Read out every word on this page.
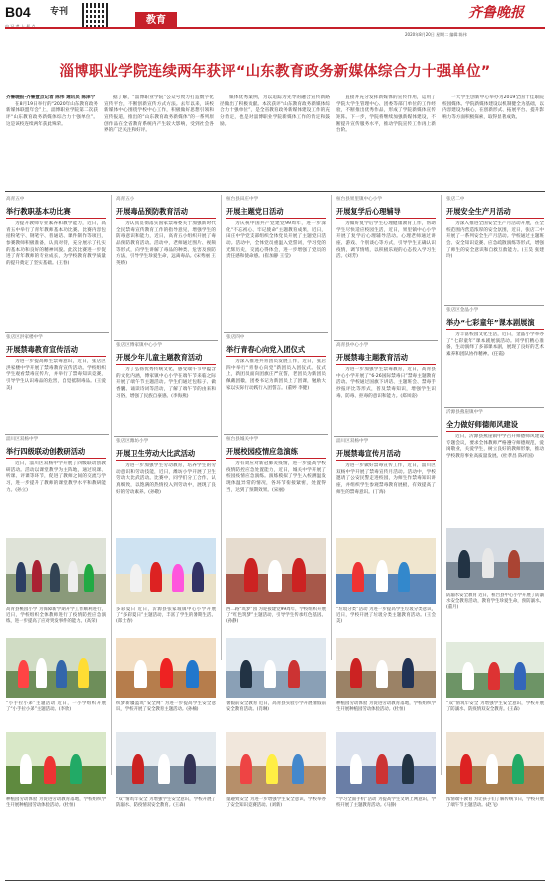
B04 专刊
教育	齐鲁晚报
2020年8月20日 星期二 编辑:陈伟
淄博职业学院连续两年获评“山东教育政务新媒体综合力十强单位”
齐鲁晚报·齐鲁壹点记者 陈伟 通讯员 陈泽宁

在8月19日举行的“2020年山东教育政务新媒体联盟年会”上，淄博职业学院第二次获评“山东教育政务新媒体综合力十强单位”。这是该校连续两年获此殊荣。

据了解，“淄博职业学院”公众号致力打造数字化宣传平台，不断创新宣传方式方法。去年以来，该校新媒体中心围绕学校中心工作，积极做好思想引领和宣传报道，推出的“山东教育政务新媒体”的一系列原创作品在全省教育系统内产生较大影响，受到社会各界的广泛关注和好评。

媒体优秀案例，为以追踪为先导的融合宣传新路径做出了积极贡献。本次获评“山东教育政务新媒体综合力十强单位”，是全省教育政务新媒体建设工作的充分肯定，也是对淄博职业学院新媒体工作的肯定和鼓励。

直接并充分发挥新媒体的宣传作用，运用了学院大学生管理中心、团委等部门单位的工作经验，不断推出优秀作品，形成了学院新媒体宣传矩阵。下一步，学院将继续加强新媒体建设，不断提升宣传服务水平，推动学院宣传工作再上新台阶。

一大学生创新中心举办为2019全国十佳职院校园媒体。学院新媒体建设以机制健全为基础，以内容建设为核心，在创新形式、拓展平台、提升影响力等方面积极探索，取得显著成效。

高青五中
举行教职基本功比赛

为提升教师专业素养和教学能力，近日，高青五中举行了青年教师基本功比赛。比赛内容包括粉笔字、钢笔字、普通话、课件制作等项目，参赛教师积极准备，认真对待，充分展示了扎实的基本功和良好的精神风貌。此次比赛进一步促进了青年教师的专业成长，为学校教育教学质量的提升奠定了坚实基础。(王春)

高青五小
开展毒品预防教育活动

为认真贯彻落实国家禁毒委关于加强新时代全民禁毒宣传教育工作的指导意见，增强学生的防毒意识和能力，近日，高青五小组织开展了毒品预防教育活动。活动中，老师通过图片、视频等形式，向学生讲解了毒品的种类、危害及预防方法，引导学生珍爱生命，远离毒品。(宋秀丽 王英娇)

桓台县田庄中学
开展主题党日活动

为庆祝中国共产党建党99周年，进一步深化“不忘初心、牢记使命”主题教育成果，近日，田庄中学党支部组织全体党员开展了主题党日活动。活动中，全体党员重温入党誓词，学习党的光辉历史，交流心得体会，进一步增强了党员的责任感和使命感。(崔加静 王莹)

桓台县果里镇中心小学
开展复学后心理辅导

为做好复学后学生心理健康教育工作，帮助学生尽快适应校园生活，近日，果里镇中心小学开展了复学后心理辅导活动。心理老师通过讲座、游戏、个别谈心等方式，引导学生正确认识疫情，调节情绪，以积极乐观的心态投入学习生活。(刘芳)

张店二中
开展安全生产月活动

为深入推进全国安全生产月活动开展，在全校范围内营造浓厚的安全氛围，近日，张店二中开展了一系列安全生产月活动。学校通过主题班会、安全知识竞赛、应急疏散演练等形式，增强了师生的安全意识和自救互救能力。(王昊 张建玲)

张店区洪家楼中学
开展禁毒教育宣传活动

为进一步提高师生禁毒意识，近日，张店区洪家楼中学开展了禁毒教育宣传活动。学校组织学生观看禁毒宣传片，并举行了禁毒知识竞赛，引导学生认识毒品的危害，自觉抵制毒品。(王爱美)

张店区傅家镇中心小学
开展少年儿童主题教育活动

为了弘扬优秀传统文化，感受端午节中蕴含的文化内涵，傅家镇中心小学在端午节来临之际开展了端午节主题活动。学生们通过包粽子、做香囊、诵读诗词等活动，了解了端午节的由来和习俗，增强了民族自豪感。(李海燕)

张店四中
举行青春心向党入团仪式

为深入推进共青团员发展工作，近日，张店四中举行“青春心向党”新团员入团仪式。仪式上，新团员面向团旗庄严宣誓，老团员为新团员佩戴团徽，团委书记为新团员上了团课，勉励大家以实际行动践行入团誓言。(董婷 李健)

高青县中心小学
开展禁毒主题教育活动

为进一步加强学生禁毒教育，近日，高青县中心小学开展了“6·26国际禁毒日”禁毒主题教育活动。学校通过国旗下讲话、主题班会、禁毒手抄报评比等形式，普及禁毒知识，增强学生识毒、防毒、拒毒的意识和能力。(郑凤姿)

张店区金晶小学
举办“七彩童年”课本剧展演

为丰富校园文化生活，近日，金晶小学举办了“七彩童年”课本剧展演活动。同学们精心准备，生动演绎了多部课本剧，展现了良好的艺术素养和团队协作精神。(任霞)

沂源县燕崖镇中学
全力做好师德师风建设

近日，沂源县燕崖镇中学召开师德师风建设专题会议，要求全体教师严格遵守师德规范，爱岗敬业，关爱学生，树立良好的教师形象，推动学校教育事业高质量发展。(杜孝昌 陈祥国)

淄川区双杨中学
举行四级联动创教研活动

近日，淄川区双杨中学开展了四级联动创教研活动。活动以课堂教学为主阵地，通过说课、听课、评课等环节，促进了教师之间的交流与学习，进一步提升了教师的课堂教学水平和教研能力。(孙立)

张店区潍坊小学
开展卫生劳动大比武活动

为进一步加强学生劳动教育，培养学生的劳动意识和劳动技能，近日，潍坊小学开展了卫生劳动大比武活动。比赛中，同学们分工合作、认真细致，以饱满的热情投入到劳动中，展现了良好的劳动素养。(孙敬)

桓台县城关中学
开展校园疫情应急演练

为有效应对新冠肺炎疫情，进一步提高学校疫情防控应急处置能力，近日，城关中学开展了校园疫情应急演练。演练模拟了学生入校测温发现体温异常的情况，各环节衔接紧密，处置得当，达到了预期效果。(宋丽)

淄川区双杨中学
开展禁毒宣传月活动

为进一步做好禁毒宣传工作，近日，淄川区双杨中学开展了禁毒宣传月活动。活动中，学校邀请了公安民警走进校园，为师生作禁毒知识讲座，并组织学生参观禁毒教育展板，有效提高了师生的禁毒意识。(丁海)

高青县桃园小学 为保障新学期开学工作顺利进行，近日，学校组织全体教师进行了疫情防控应急演练，进一步提高了应对突发事件的能力。(高荣)
多彩夏日 近日，沂源县张家坡镇中心小学开展了“多彩夏日”主题活动，丰富了学生的暑期生活。(郑士春)
西二路“筑梦”园 为迎接建党99周年，学校组织开展了“红色筑梦”主题活动，引导学生传承红色基因。(孙静)
“垃圾分类”活动 为进一步提高学生垃圾分类意识，近日，学校开展了垃圾分类主题教育活动。(王会美)
防溺水安全教育 近日，桓台县中心小学开展了防溺水安全教育活动，教育学生珍爱生命，预防溺水。(董月)
“小手拉小弟”主题活动 近日，一小学组织开展了“小手拉小弟”主题活动。(李欣)
织梦新疆篮筑“安全网” 为进一步提高学生安全意识，学校开展了安全教育主题活动。(孙楠)
暑假前安全教育 近日，高青县实验小学开展暑假前安全教育活动。(肖琳)
种植园劳动体验 为促进劳动教育落地，学校组织学生开展种植园劳动体验活动。(杜恒)
“双”情筑牢安全 为增强学生安全意识，学校开展了防溺水、防疫情双安全教育。(王森)
种植园劳动体验 为促进劳动教育落地，学校组织学生开展种植园劳动体验活动。(杜恒)
“双”情筑牢安全 为增强学生安全意识，学校开展了防溺水、防疫情双安全教育。(王森)
童趣致安全 为进一步增强学生安全意识，学校举办了安全知识竞赛活动。(刘新)
“学习全面手机”活动 为提高学生文明上网意识，学校开展了主题教育活动。(马静)
浓情端午教育 为让孩子们了解传统节日，学校开展了端午节主题活动。(赵飞)
